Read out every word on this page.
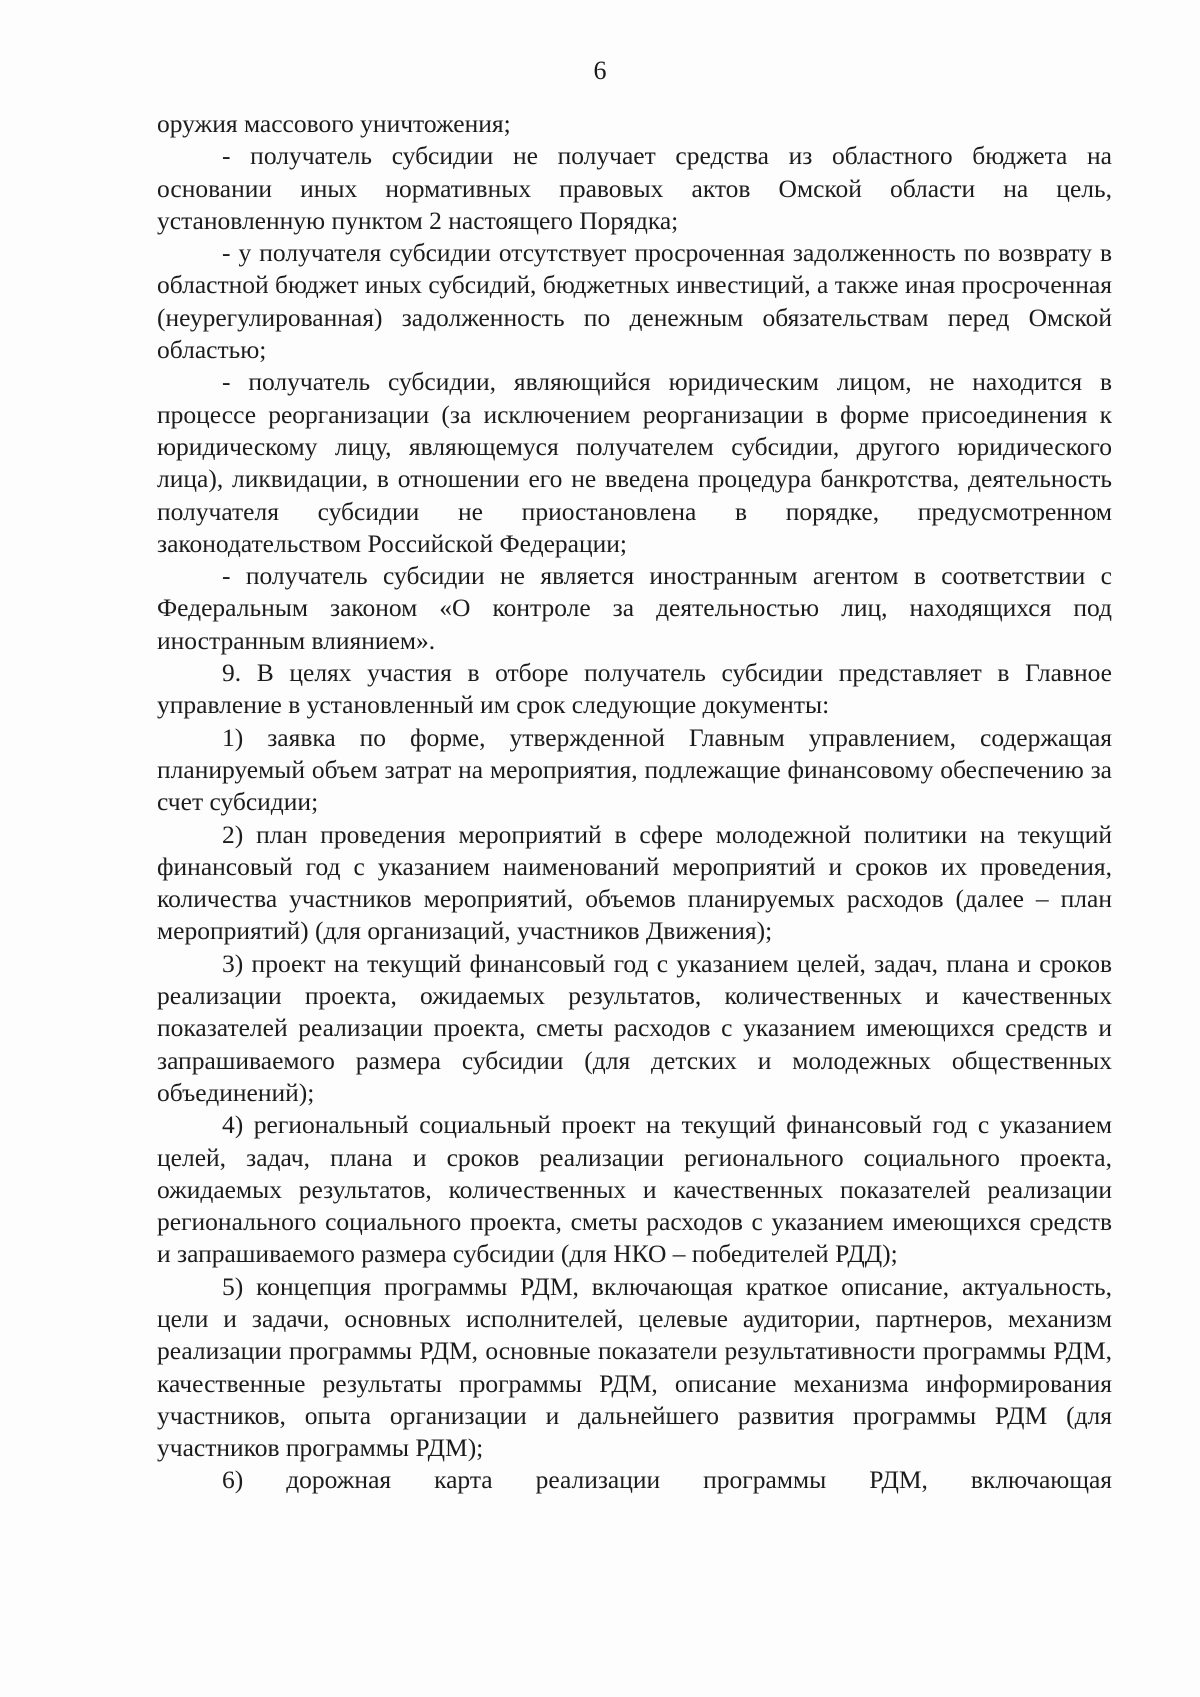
6

оружия массового уничтожения;

- получатель субсидии не получает средства из областного бюджета на основании иных нормативных правовых актов Омской области на цель, установленную пунктом 2 настоящего Порядка;

- у получателя субсидии отсутствует просроченная задолженность по возврату в областной бюджет иных субсидий, бюджетных инвестиций, а также иная просроченная (неурегулированная) задолженность по денежным обязательствам перед Омской областью;

- получатель субсидии, являющийся юридическим лицом, не находится в процессе реорганизации (за исключением реорганизации в форме присоединения к юридическому лицу, являющемуся получателем субсидии, другого юридического лица), ликвидации, в отношении его не введена процедура банкротства, деятельность получателя субсидии не приостановлена в порядке, предусмотренном законодательством Российской Федерации;

- получатель субсидии не является иностранным агентом в соответствии с Федеральным законом «О контроле за деятельностью лиц, находящихся под иностранным влиянием».

9. В целях участия в отборе получатель субсидии представляет в Главное управление в установленный им срок следующие документы:

1) заявка по форме, утвержденной Главным управлением, содержащая планируемый объем затрат на мероприятия, подлежащие финансовому обеспечению за счет субсидии;

2) план проведения мероприятий в сфере молодежной политики на текущий финансовый год с указанием наименований мероприятий и сроков их проведения, количества участников мероприятий, объемов планируемых расходов (далее – план мероприятий) (для организаций, участников Движения);

3) проект на текущий финансовый год с указанием целей, задач, плана и сроков реализации проекта, ожидаемых результатов, количественных и качественных показателей реализации проекта, сметы расходов с указанием имеющихся средств и запрашиваемого размера субсидии (для детских и молодежных общественных объединений);

4) региональный социальный проект на текущий финансовый год с указанием целей, задач, плана и сроков реализации регионального социального проекта, ожидаемых результатов, количественных и качественных показателей реализации регионального социального проекта, сметы расходов с указанием имеющихся средств и запрашиваемого размера субсидии (для НКО – победителей РДД);

5) концепция программы РДМ, включающая краткое описание, актуальность, цели и задачи, основных исполнителей, целевые аудитории, партнеров, механизм реализации программы РДМ, основные показатели результативности программы РДМ, качественные результаты программы РДМ, описание механизма информирования участников, опыта организации и дальнейшего развития программы РДМ (для участников программы РДМ);

6) дорожная карта реализации программы РДМ, включающая
